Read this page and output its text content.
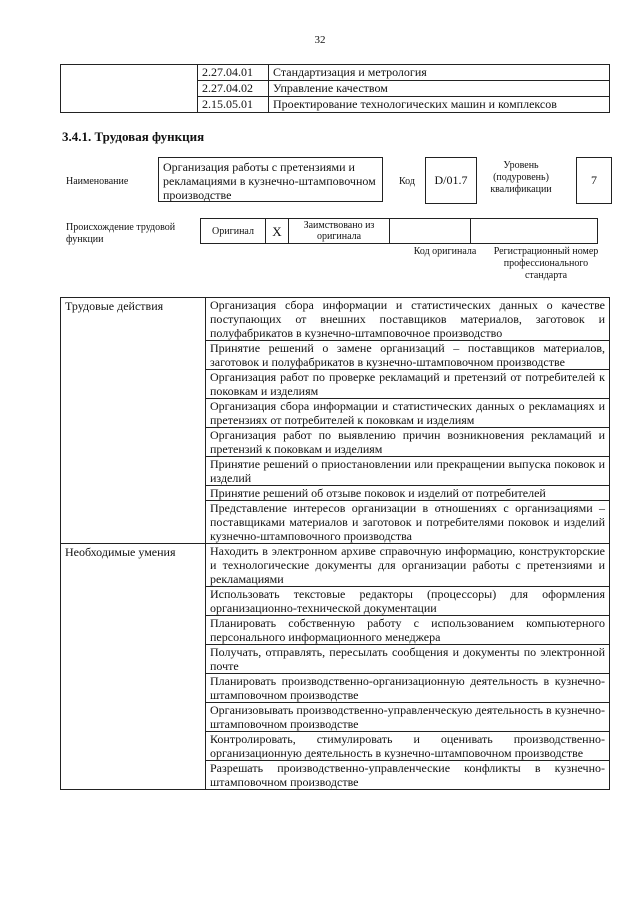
32
	2.27.04.01	Стандартизация и метрология
	2.27.04.02	Управление качеством
	2.15.05.01	Проектирование технологических машин и комплексов
3.4.1. Трудовая функция
Наименование
Организация работы с претензиями и рекламациями в кузнечно-штамповочном производстве
Код	D/01.7
Уровень (подуровень) квалификации
7
Происхождение трудовой функции
Оригинал	X	Заимствовано из оригинала		
Код оригинала	Регистрационный номер профессионального стандарта
Трудовые действия	Организация сбора информации и статистических данных о качестве поступающих от внешних поставщиков материалов, заготовок и полуфабрикатов в кузнечно-штамповочное производство
	Принятие решений о замене организаций – поставщиков материалов, заготовок и полуфабрикатов в кузнечно-штамповочном производстве
	Организация работ по проверке рекламаций и претензий от потребителей к поковкам и изделиям
	Организация сбора информации и статистических данных о рекламациях и претензиях от потребителей к поковкам и изделиям
	Организация работ по выявлению причин возникновения рекламаций и претензий к поковкам и изделиям
	Принятие решений о приостановлении или прекращении выпуска поковок и изделий
	Принятие решений об отзыве поковок и изделий от потребителей
	Представление интересов организации в отношениях с организациями – поставщиками материалов и заготовок и потребителями поковок и изделий кузнечно-штамповочного производства
Необходимые умения	Находить в электронном архиве справочную информацию, конструкторские и технологические документы для организации работы с претензиями и рекламациями
	Использовать текстовые редакторы (процессоры) для оформления организационно-технической документации
	Планировать собственную работу с использованием компьютерного персонального информационного менеджера
	Получать, отправлять, пересылать сообщения и документы по электронной почте
	Планировать производственно-организационную деятельность в кузнечно-штамповочном производстве
	Организовывать производственно-управленческую деятельность в кузнечно-штамповочном производстве
	Контролировать, стимулировать и оценивать производственно-организационную деятельность в кузнечно-штамповочном производстве
	Разрешать производственно-управленческие конфликты в кузнечно-штамповочном производстве
